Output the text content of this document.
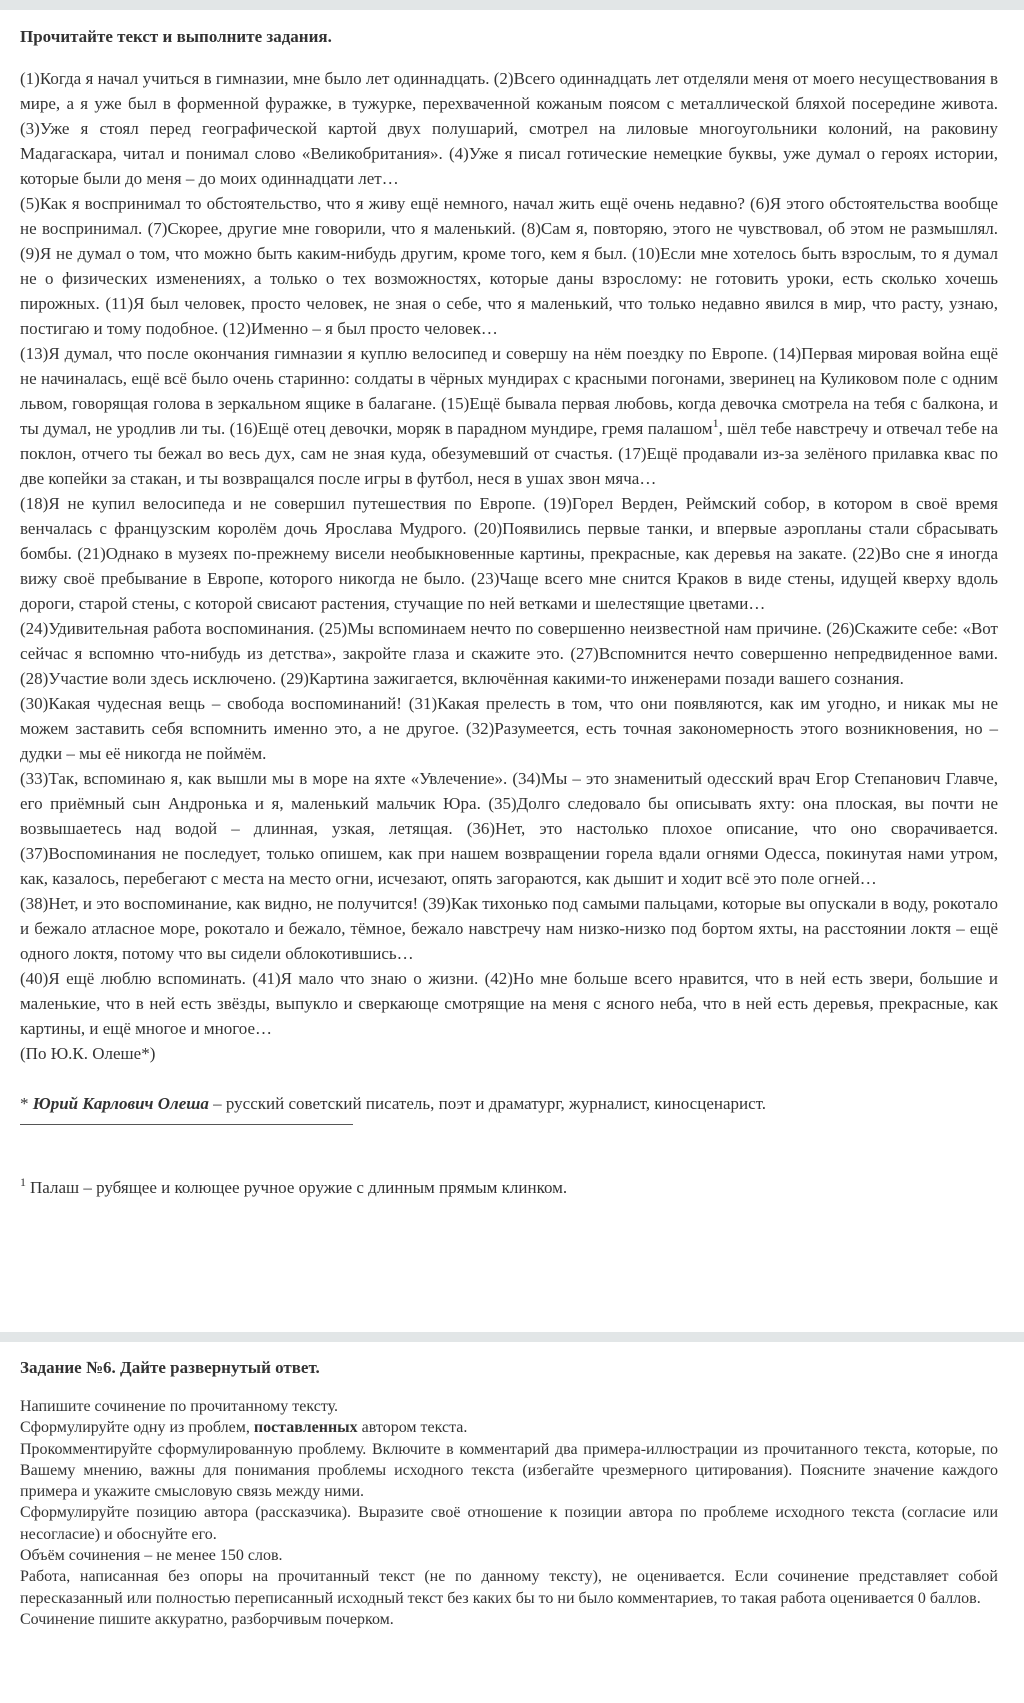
Прочитайте текст и выполните задания.

(1)Когда я начал учиться в гимназии, мне было лет одиннадцать. (2)Всего одиннадцать лет отделяли меня от моего несуществования в мире, а я уже был в форменной фуражке, в тужурке, перехваченной кожаным поясом с металлической бляхой посередине живота. (3)Уже я стоял перед географической картой двух полушарий, смотрел на лиловые многоугольники колоний, на раковину Мадагаскара, читал и понимал слово «Великобритания». (4)Уже я писал готические немецкие буквы, уже думал о героях истории, которые были до меня – до моих одиннадцати лет…

(5)Как я воспринимал то обстоятельство, что я живу ещё немного, начал жить ещё очень недавно? (6)Я этого обстоятельства вообще не воспринимал. (7)Скорее, другие мне говорили, что я маленький. (8)Сам я, повторяю, этого не чувствовал, об этом не размышлял. (9)Я не думал о том, что можно быть каким-нибудь другим, кроме того, кем я был. (10)Если мне хотелось быть взрослым, то я думал не о физических изменениях, а только о тех возможностях, которые даны взрослому: не готовить уроки, есть сколько хочешь пирожных. (11)Я был человек, просто человек, не зная о себе, что я маленький, что только недавно явился в мир, что расту, узнаю, постигаю и тому подобное. (12)Именно – я был просто человек…

(13)Я думал, что после окончания гимназии я куплю велосипед и совершу на нём поездку по Европе. (14)Первая мировая война ещё не начиналась, ещё всё было очень старинно: солдаты в чёрных мундирах с красными погонами, зверинец на Куликовом поле с одним львом, говорящая голова в зеркальном ящике в балагане. (15)Ещё бывала первая любовь, когда девочка смотрела на тебя с балкона, и ты думал, не уродлив ли ты. (16)Ещё отец девочки, моряк в парадном мундире, гремя палашом$^1$, шёл тебе навстречу и отвечал тебе на поклон, отчего ты бежал во весь дух, сам не зная куда, обезумевший от счастья. (17)Ещё продавали из-за зелёного прилавка квас по две копейки за стакан, и ты возвращался после игры в футбол, неся в ушах звон мяча…

(18)Я не купил велосипеда и не совершил путешествия по Европе. (19)Горел Верден, Реймский собор, в котором в своё время венчалась с французским королём дочь Ярослава Мудрого. (20)Появились первые танки, и впервые аэропланы стали сбрасывать бомбы. (21)Однако в музеях по-прежнему висели необыкновенные картины, прекрасные, как деревья на закате. (22)Во сне я иногда вижу своё пребывание в Европе, которого никогда не было. (23)Чаще всего мне снится Краков в виде стены, идущей кверху вдоль дороги, старой стены, с которой свисают растения, стучащие по ней ветками и шелестящие цветами…

(24)Удивительная работа воспоминания. (25)Мы вспоминаем нечто по совершенно неизвестной нам причине. (26)Скажите себе: «Вот сейчас я вспомню что-нибудь из детства», закройте глаза и скажите это. (27)Вспомнится нечто совершенно непредвиденное вами. (28)Участие воли здесь исключено. (29)Картина зажигается, включённая какими-то инженерами позади вашего сознания.

(30)Какая чудесная вещь – свобода воспоминаний! (31)Какая прелесть в том, что они появляются, как им угодно, и никак мы не можем заставить себя вспомнить именно это, а не другое. (32)Разумеется, есть точная закономерность этого возникновения, но – дудки – мы её никогда не поймём.

(33)Так, вспоминаю я, как вышли мы в море на яхте «Увлечение». (34)Мы – это знаменитый одесский врач Егор Степанович Главче, его приёмный сын Андронька и я, маленький мальчик Юра. (35)Долго следовало бы описывать яхту: она плоская, вы почти не возвышаетесь над водой – длинная, узкая, летящая. (36)Нет, это настолько плохое описание, что оно сворачивается. (37)Воспоминания не последует, только опишем, как при нашем возвращении горела вдали огнями Одесса, покинутая нами утром, как, казалось, перебегают с места на место огни, исчезают, опять загораются, как дышит и ходит всё это поле огней…

(38)Нет, и это воспоминание, как видно, не получится! (39)Как тихонько под самыми пальцами, которые вы опускали в воду, рокотало и бежало атласное море, рокотало и бежало, тёмное, бежало навстречу нам низко-низко под бортом яхты, на расстоянии локтя – ещё одного локтя, потому что вы сидели облокотившись…

(40)Я ещё люблю вспоминать. (41)Я мало что знаю о жизни. (42)Но мне больше всего нравится, что в ней есть звери, большие и маленькие, что в ней есть звёзды, выпукло и сверкающе смотрящие на меня с ясного неба, что в ней есть деревья, прекрасные, как картины, и ещё многое и многое…

(По Ю.К. Олеше*)

* Юрий Карлович Олеша – русский советский писатель, поэт и драматург, журналист, киносценарист.
$^1$ Палаш – рубящее и колющее ручное оружие с длинным прямым клинком.
Задание №6. Дайте развернутый ответ.

Напишите сочинение по прочитанному тексту.

Сформулируйте одну из проблем, поставленных автором текста.

Прокомментируйте сформулированную проблему. Включите в комментарий два примера-иллюстрации из прочитанного текста, которые, по Вашему мнению, важны для понимания проблемы исходного текста (избегайте чрезмерного цитирования). Поясните значение каждого примера и укажите смысловую связь между ними.

Сформулируйте позицию автора (рассказчика). Выразите своё отношение к позиции автора по проблеме исходного текста (согласие или несогласие) и обоснуйте его.

Объём сочинения – не менее 150 слов.

Работа, написанная без опоры на прочитанный текст (не по данному тексту), не оценивается. Если сочинение представляет собой пересказанный или полностью переписанный исходный текст без каких бы то ни было комментариев, то такая работа оценивается 0 баллов.

Сочинение пишите аккуратно, разборчивым почерком.
